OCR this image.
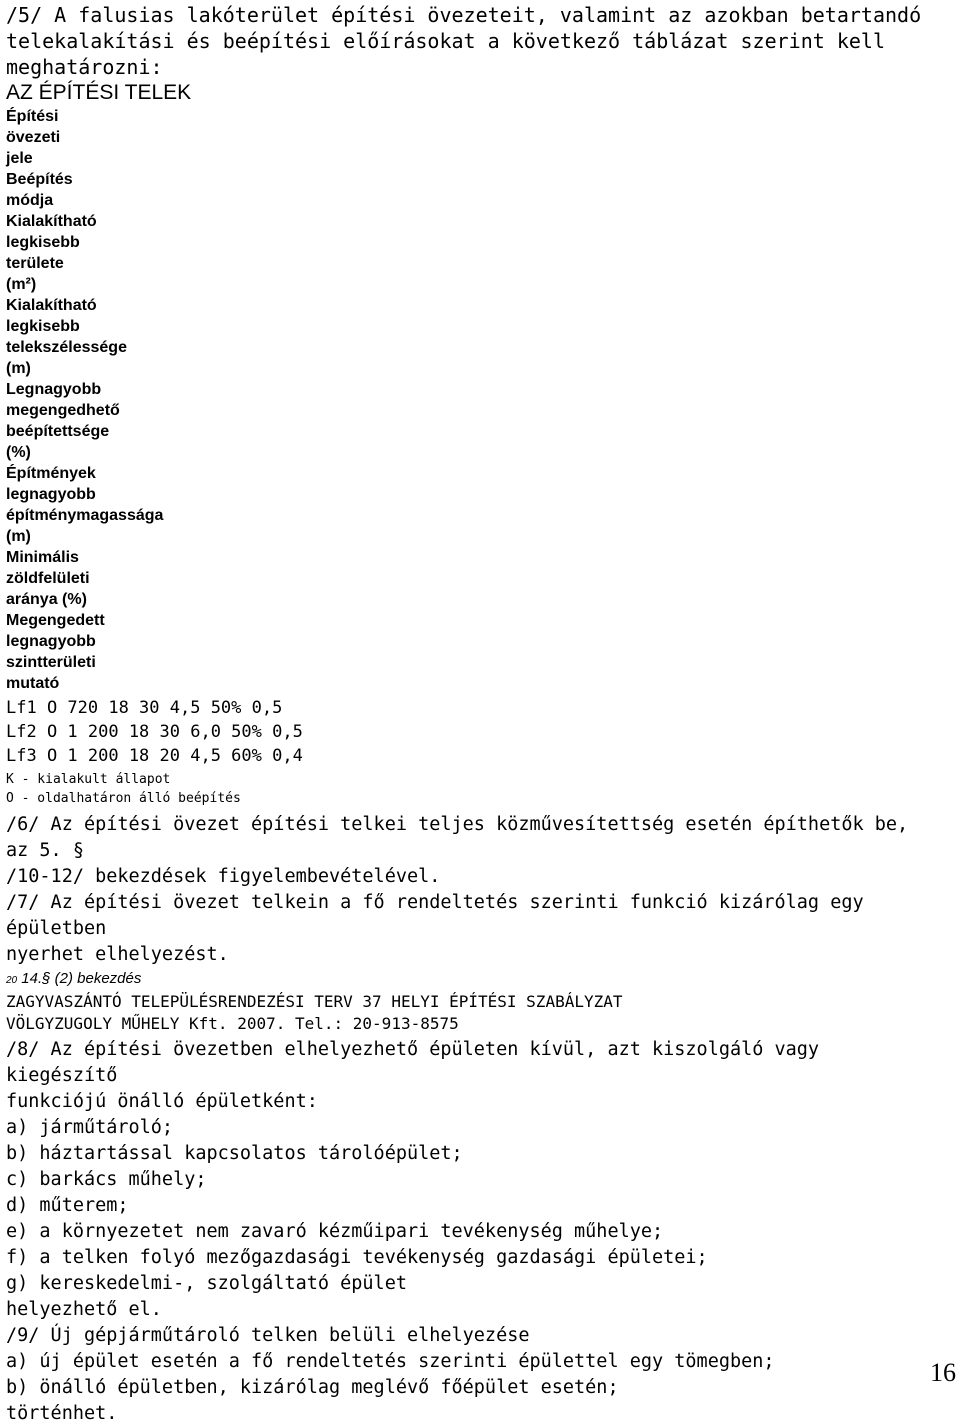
/5/ A falusias lakóterület építési övezeteit, valamint az azokban betartandó

telekalakítási és beépítési előírásokat a következő táblázat szerint kell

meghatározni:

AZ ÉPÍTÉSI TELEK

Építési

övezeti

jele

Beépítés

módja

Kialakítható

legkisebb

területe

(m²)

Kialakítható

legkisebb

telekszélessége

(m)

Legnagyobb

megengedhető

beépítettsége

(%)

Építmények

legnagyobb

építménymagassága

(m)

Minimális

zöldfelületi

aránya (%)

Megengedett

legnagyobb

szintterületi

mutató

Lf1 O 720 18 30 4,5 50% 0,5

Lf2 O 1 200 18 30 6,0 50% 0,5

Lf3 O 1 200 18 20 4,5 60% 0,4

K - kialakult állapot

O - oldalhatáron álló beépítés

/6/ Az építési övezet építési telkei teljes közművesítettség esetén építhetők be, az 5. §

/10-12/ bekezdések figyelembevételével.

/7/ Az építési övezet telkein a fő rendeltetés szerinti funkció kizárólag egy épületben

nyerhet elhelyezést.

20 14.§ (2) bekezdés

ZAGYVASZÁNTÓ TELEPÜLÉSRENDEZÉSI TERV 37 HELYI ÉPÍTÉSI SZABÁLYZAT

VÖLGYZUGOLY MŰHELY Kft. 2007. Tel.: 20-913-8575

/8/ Az építési övezetben elhelyezhető épületen kívül, azt kiszolgáló vagy kiegészítő

funkciójú önálló épületként:

a) járműtároló;

b) háztartással kapcsolatos tárolóépület;

c) barkács műhely;

d) műterem;

e) a környezetet nem zavaró kézműipari tevékenység műhelye;

f) a telken folyó mezőgazdasági tevékenység gazdasági épületei;

g) kereskedelmi-, szolgáltató épület

helyezhető el.

/9/ Új gépjárműtároló telken belüli elhelyezése

a) új épület esetén a fő rendeltetés szerinti épülettel egy tömegben;

b) önálló épületben, kizárólag meglévő főépület esetén;

történhet.

16
